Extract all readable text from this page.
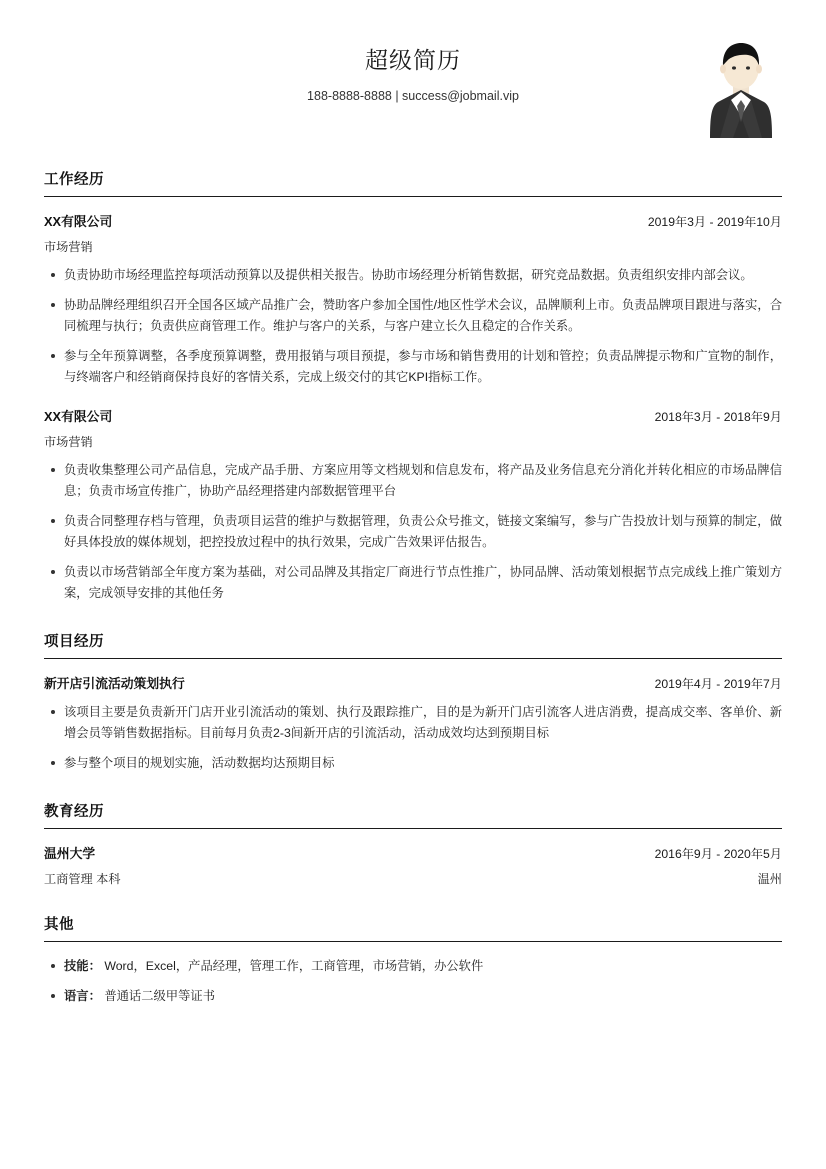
超级简历
188-8888-8888 | success@jobmail.vip
工作经历
XX有限公司	2019年3月 - 2019年10月
市场营销
负责协助市场经理监控每项活动预算以及提供相关报告。协助市场经理分析销售数据，研究竞品数据。负责组织安排内部会议。
协助品牌经理组织召开全国各区域产品推广会，赞助客户参加全国性/地区性学术会议，品牌顺利上市。负责品牌项目跟进与落实，合同梳理与执行；负责供应商管理工作。维护与客户的关系，与客户建立长久且稳定的合作关系。
参与全年预算调整，各季度预算调整，费用报销与项目预提，参与市场和销售费用的计划和管控；负责品牌提示物和广宣物的制作，与终端客户和经销商保持良好的客情关系，完成上级交付的其它KPI指标工作。
XX有限公司	2018年3月 - 2018年9月
市场营销
负责收集整理公司产品信息，完成产品手册、方案应用等文档规划和信息发布，将产品及业务信息充分消化并转化相应的市场品牌信息；负责市场宣传推广，协助产品经理搭建内部数据管理平台
负责合同整理存档与管理，负责项目运营的维护与数据管理，负责公众号推文，链接文案编写，参与广告投放计划与预算的制定，做好具体投放的媒体规划，把控投放过程中的执行效果，完成广告效果评估报告。
负责以市场营销部全年度方案为基础，对公司品牌及其指定厂商进行节点性推广，协同品牌、活动策划根据节点完成线上推广策划方案，完成领导安排的其他任务
项目经历
新开店引流活动策划执行	2019年4月 - 2019年7月
该项目主要是负责新开门店开业引流活动的策划、执行及跟踪推广，目的是为新开门店引流客人进店消费，提高成交率、客单价、新增会员等销售数据指标。目前每月负责2-3间新开店的引流活动，活动成效均达到预期目标
参与整个项目的规划实施，活动数据均达预期目标
教育经历
温州大学	2016年9月 - 2020年5月
工商管理 本科	温州
其他
技能： Word，Excel，产品经理，管理工作，工商管理，市场营销，办公软件
语言： 普通话二级甲等证书
